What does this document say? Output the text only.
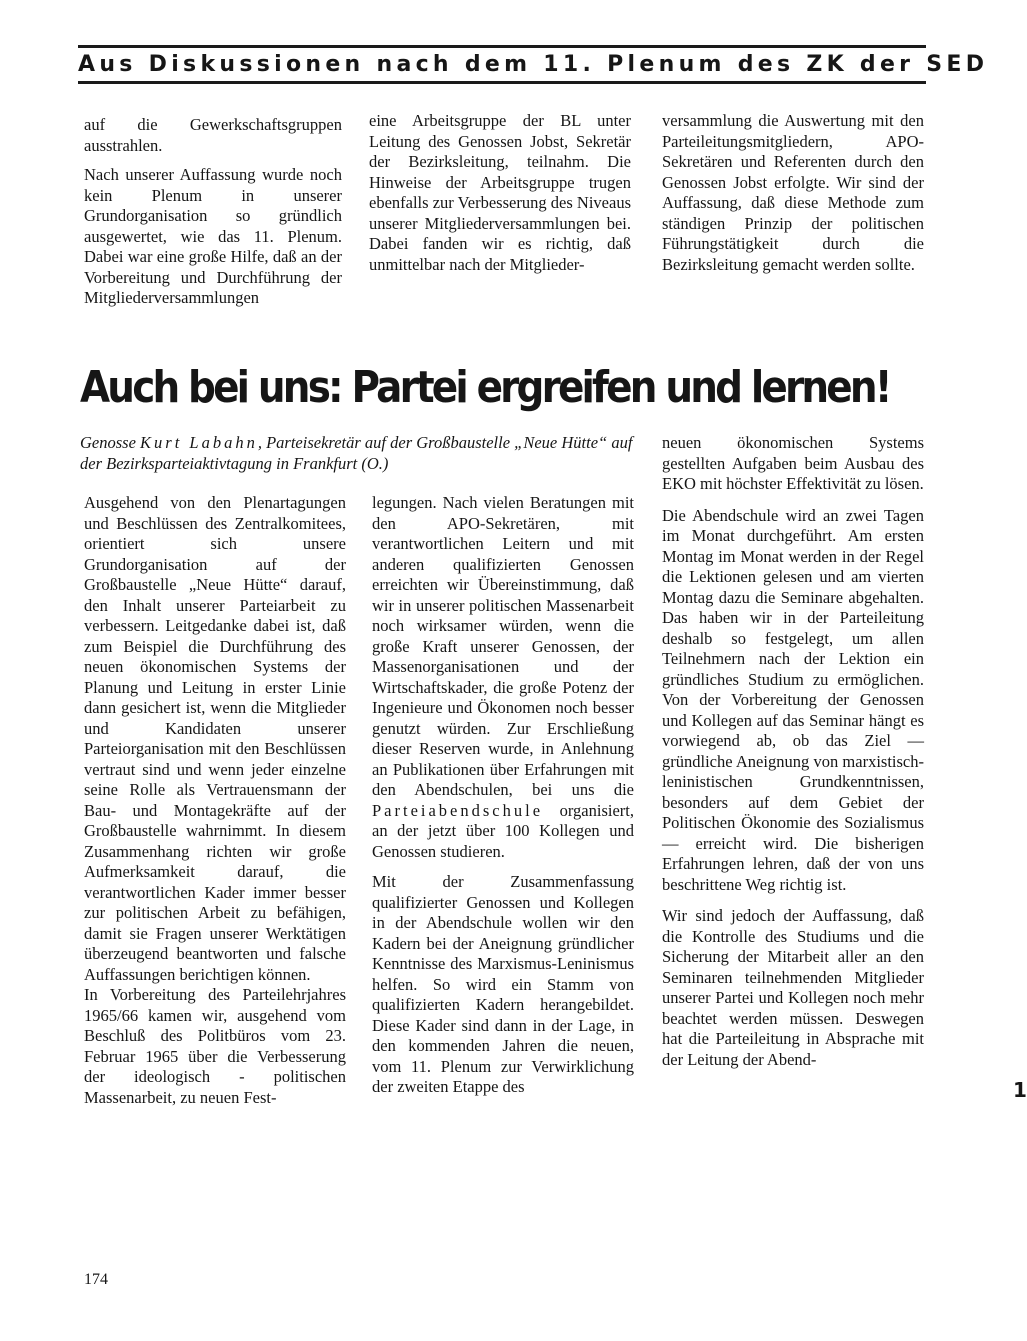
Aus Diskussionen nach dem 11. Plenum des ZK der SED

auf die Gewerkschaftsgruppen ausstrahlen.

Nach unserer Auffassung wurde noch kein Plenum in unserer Grundorganisation so gründlich ausgewertet, wie das 11. Plenum. Dabei war eine große Hilfe, daß an der Vorbereitung und Durchführung der Mitgliederversammlungen

eine Arbeitsgruppe der BL unter Leitung des Genossen Jobst, Sekretär der Bezirksleitung, teilnahm. Die Hinweise der Arbeitsgruppe trugen ebenfalls zur Verbesserung des Niveaus unserer Mitgliederversammlungen bei. Dabei fanden wir es richtig, daß unmittelbar nach der Mitglieder-

versammlung die Auswertung mit den Parteileitungsmitgliedern, APO-Sekretären und Referenten durch den Genossen Jobst erfolgte. Wir sind der Auffassung, daß diese Methode zum ständigen Prinzip der politischen Führungstätigkeit durch die Bezirksleitung gemacht werden sollte.

Auch bei uns: Partei ergreifen und lernen!
Genosse Kurt Labahn, Parteisekretär auf der Großbaustelle „Neue Hütte“ auf der Bezirksparteiaktivtagung in Frankfurt (O.)

Ausgehend von den Plenartagungen und Beschlüssen des Zentralkomitees, orientiert sich unsere Grundorganisation auf der Großbaustelle „Neue Hütte“ darauf, den Inhalt unserer Parteiarbeit zu verbessern. Leitgedanke dabei ist, daß zum Beispiel die Durchführung des neuen ökonomischen Systems der Planung und Leitung in erster Linie dann gesichert ist, wenn die Mitglieder und Kandidaten unserer Parteiorganisation mit den Beschlüssen vertraut sind und wenn jeder einzelne seine Rolle als Vertrauensmann der Bau- und Montagekräfte auf der Großbaustelle wahrnimmt. In diesem Zusammenhang richten wir große Aufmerksamkeit darauf, die verantwortlichen Kader immer besser zur politischen Arbeit zu befähigen, damit sie Fragen unserer Werktätigen überzeugend beantworten und falsche Auffassungen berichtigen können.

In Vorbereitung des Parteilehrjahres 1965/66 kamen wir, ausgehend vom Beschluß des Politbüros vom 23. Februar 1965 über die Verbesserung der ideologisch - politischen Massenarbeit, zu neuen Fest-

legungen. Nach vielen Beratungen mit den APO-Sekretären, mit verantwortlichen Leitern und mit anderen qualifizierten Genossen erreichten wir Übereinstimmung, daß wir in unserer politischen Massenarbeit noch wirksamer würden, wenn die große Kraft unserer Genossen, der Massenorganisationen und der Wirtschaftskader, die große Potenz der Ingenieure und Ökonomen noch besser genutzt würden. Zur Erschließung dieser Reserven wurde, in Anlehnung an Publikationen über Erfahrungen mit den Abendschulen, bei uns die Parteiabendschule organisiert, an der jetzt über 100 Kollegen und Genossen studieren.

Mit der Zusammenfassung qualifizierter Genossen und Kollegen in der Abendschule wollen wir den Kadern bei der Aneignung gründlicher Kenntnisse des Marxismus-Leninismus helfen. So wird ein Stamm von qualifizierten Kadern herangebildet. Diese Kader sind dann in der Lage, in den kommenden Jahren die neuen, vom 11. Plenum zur Verwirklichung der zweiten Etappe des

neuen ökonomischen Systems gestellten Aufgaben beim Ausbau des EKO mit höchster Effektivität zu lösen.

Die Abendschule wird an zwei Tagen im Monat durchgeführt. Am ersten Montag im Monat werden in der Regel die Lektionen gelesen und am vierten Montag dazu die Seminare abgehalten. Das haben wir in der Parteileitung deshalb so festgelegt, um allen Teilnehmern nach der Lektion ein gründliches Studium zu ermöglichen. Von der Vorbereitung der Genossen und Kollegen auf das Seminar hängt es vorwiegend ab, ob das Ziel — gründliche Aneignung von marxistisch-leninistischen Grundkenntnissen, besonders auf dem Gebiet der Politischen Ökonomie des Sozialismus — erreicht wird. Die bisherigen Erfahrungen lehren, daß der von uns beschrittene Weg richtig ist.

Wir sind jedoch der Auffassung, daß die Kontrolle des Studiums und die Sicherung der Mitarbeit aller an den Seminaren teilnehmenden Mitglieder unserer Partei und Kollegen noch mehr beachtet werden müssen. Deswegen hat die Parteileitung in Absprache mit der Leitung der Abend-

174
1
